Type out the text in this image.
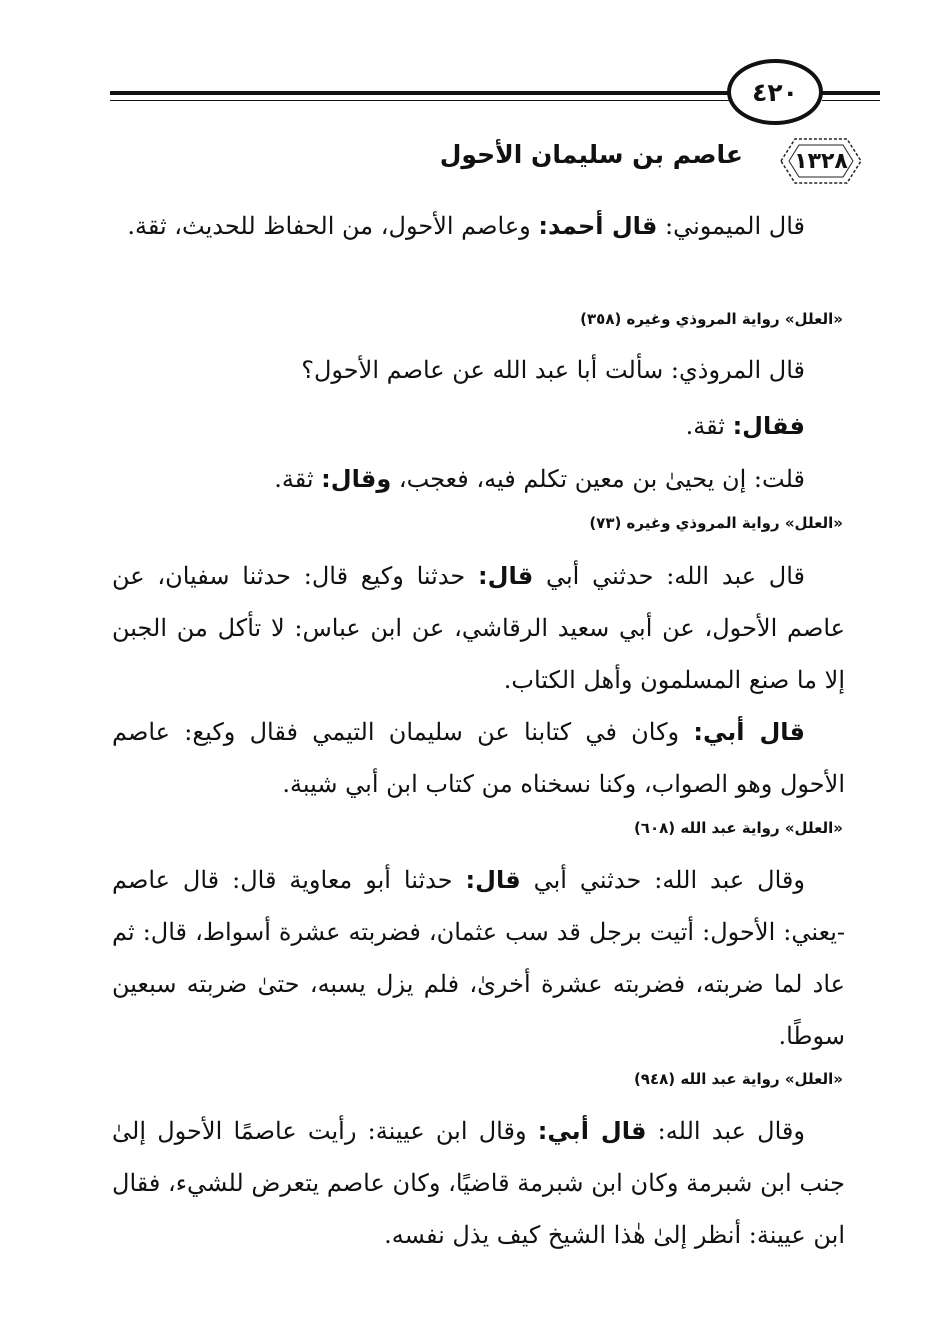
٤٢٠
١٣٢٨
عاصم بن سليمان الأحول
قال الميموني: قال أحمد: وعاصم الأحول، من الحفاظ للحديث، ثقة.
«العلل» رواية المروذي وغيره (٣٥٨)
قال المروذي: سألت أبا عبد الله عن عاصم الأحول؟
فقال: ثقة.
قلت: إن يحيىٰ بن معين تكلم فيه، فعجب، وقال: ثقة.
«العلل» رواية المروذي وغيره (٧٣)
قال عبد الله: حدثني أبي قال: حدثنا وكيع قال: حدثنا سفيان، عن عاصم الأحول، عن أبي سعيد الرقاشي، عن ابن عباس: لا تأكل من الجبن إلا ما صنع المسلمون وأهل الكتاب.
قال أبي: وكان في كتابنا عن سليمان التيمي فقال وكيع: عاصم الأحول وهو الصواب، وكنا نسخناه من كتاب ابن أبي شيبة.
«العلل» رواية عبد الله (٦٠٨)
وقال عبد الله: حدثني أبي قال: حدثنا أبو معاوية قال: قال عاصم -يعني: الأحول: أتيت برجل قد سب عثمان، فضربته عشرة أسواط، قال: ثم عاد لما ضربته، فضربته عشرة أخرىٰ، فلم يزل يسبه، حتىٰ ضربته سبعين سوطًا.
«العلل» رواية عبد الله (٩٤٨)
وقال عبد الله: قال أبي: وقال ابن عيينة: رأيت عاصمًا الأحول إلىٰ جنب ابن شبرمة وكان ابن شبرمة قاضيًا، وكان عاصم يتعرض للشيء، فقال ابن عيينة: أنظر إلىٰ هٰذا الشيخ كيف يذل نفسه.
